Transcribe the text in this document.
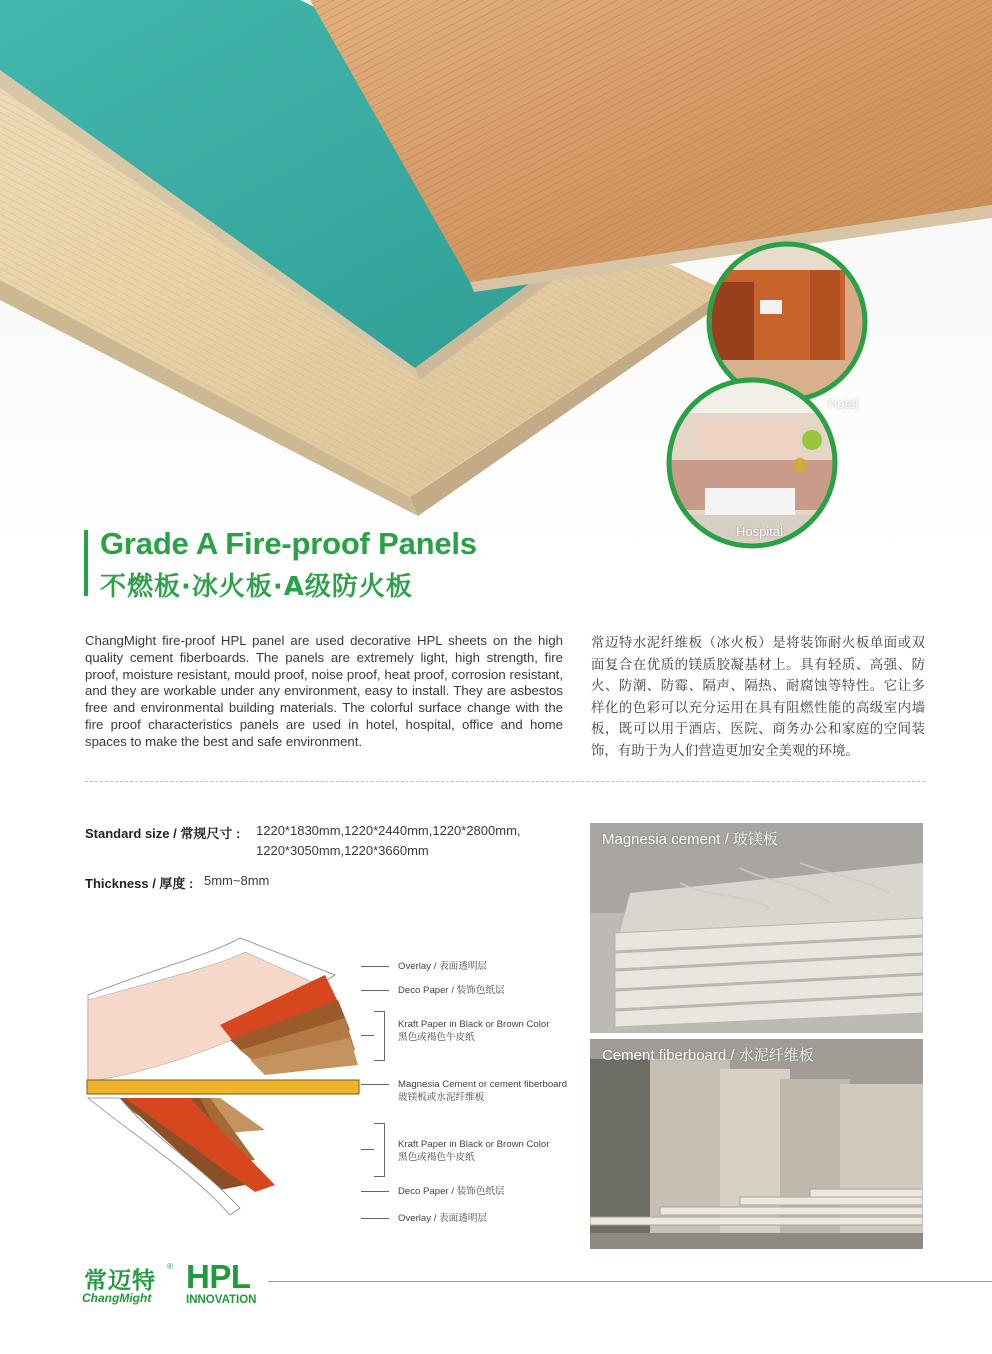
Hotel
Hospital
Grade A Fire-proof Panels
不燃板·冰火板·A级防火板
ChangMight fire-proof HPL panel are used decorative HPL sheets on the high quality cement fiberboards. The panels are extremely light, high strength, fire proof, moisture resistant, mould proof, noise proof, heat proof, corrosion resistant, and they are workable under any environment, easy to install. They are asbestos free and environmental building materials. The colorful surface change with the fire proof characteristics panels are used in hotel, hospital, office and home spaces to make the best and safe environment.
常迈特水泥纤维板（冰火板）是将装饰耐火板单面或双面复合在优质的镁质胶凝基材上。具有轻质、高强、防火、防潮、防霉、隔声、隔热、耐腐蚀等特性。它让多样化的色彩可以充分运用在具有阻燃性能的高级室内墙板，既可以用于酒店、医院、商务办公和家庭的空间装饰，有助于为人们营造更加安全美观的环境。
Standard size / 常规尺寸 : 1220*1830mm,1220*2440mm,1220*2800mm,
1220*3050mm,1220*3660mm
Thickness / 厚度 : 5mm~8mm
Overlay / 表面透明层
Deco Paper / 装饰色纸层
Kraft Paper in Black or Brown Color
黑色或褐色牛皮纸
Magnesia Cement or cement fiberboard
玻镁板或水泥纤维板
Kraft Paper in Black or Brown Color
黑色或褐色牛皮纸
Deco Paper / 装饰色纸层
Overlay / 表面透明层
Magnesia cement / 玻镁板
Cement fiberboard / 水泥纤维板
常迈特
®
ChangMight
HPL
INNOVATION
